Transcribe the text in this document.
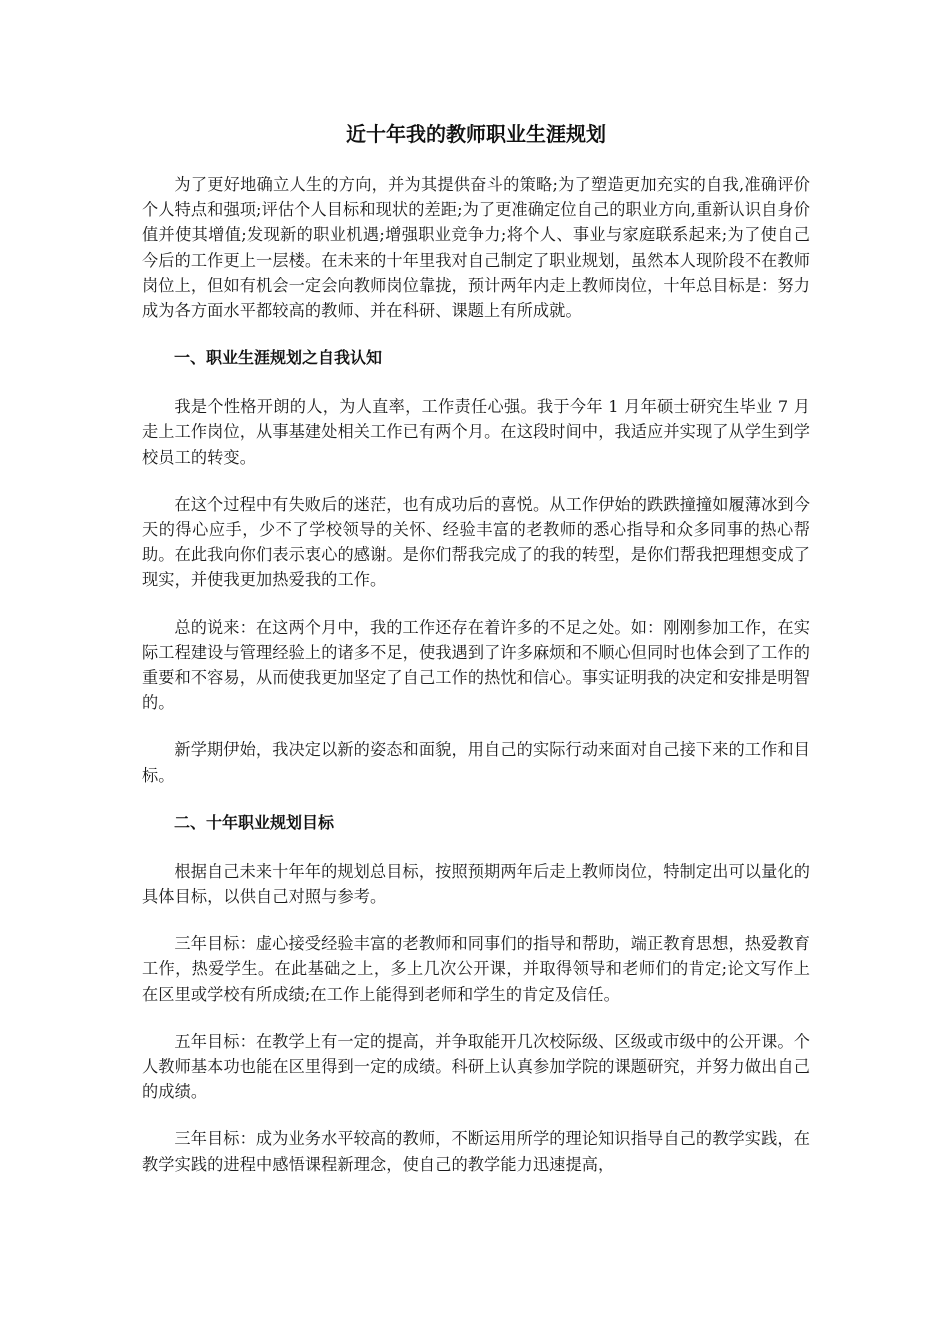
近十年我的教师职业生涯规划

为了更好地确立人生的方向，并为其提供奋斗的策略;为了塑造更加充实的自我,准确评价个人特点和强项;评估个人目标和现状的差距;为了更准确定位自己的职业方向,重新认识自身价值并使其增值;发现新的职业机遇;增强职业竞争力;将个人、事业与家庭联系起来;为了使自己今后的工作更上一层楼。在未来的十年里我对自己制定了职业规划，虽然本人现阶段不在教师岗位上，但如有机会一定会向教师岗位靠拢，预计两年内走上教师岗位，十年总目标是：努力成为各方面水平都较高的教师、并在科研、课题上有所成就。

一、职业生涯规划之自我认知

我是个性格开朗的人，为人直率，工作责任心强。我于今年 1 月年硕士研究生毕业 7 月走上工作岗位，从事基建处相关工作已有两个月。在这段时间中，我适应并实现了从学生到学校员工的转变。

在这个过程中有失败后的迷茫，也有成功后的喜悦。从工作伊始的跌跌撞撞如履薄冰到今天的得心应手，少不了学校领导的关怀、经验丰富的老教师的悉心指导和众多同事的热心帮助。在此我向你们表示衷心的感谢。是你们帮我完成了的我的转型，是你们帮我把理想变成了现实，并使我更加热爱我的工作。

总的说来：在这两个月中，我的工作还存在着许多的不足之处。如：刚刚参加工作，在实际工程建设与管理经验上的诸多不足，使我遇到了许多麻烦和不顺心但同时也体会到了工作的重要和不容易，从而使我更加坚定了自己工作的热忱和信心。事实证明我的决定和安排是明智的。

新学期伊始，我决定以新的姿态和面貌，用自己的实际行动来面对自己接下来的工作和目标。

二、十年职业规划目标

根据自己未来十年年的规划总目标，按照预期两年后走上教师岗位，特制定出可以量化的具体目标，以供自己对照与参考。

三年目标：虚心接受经验丰富的老教师和同事们的指导和帮助，端正教育思想，热爱教育工作，热爱学生。在此基础之上，多上几次公开课，并取得领导和老师们的肯定;论文写作上在区里或学校有所成绩;在工作上能得到老师和学生的肯定及信任。

五年目标：在教学上有一定的提高，并争取能开几次校际级、区级或市级中的公开课。个人教师基本功也能在区里得到一定的成绩。科研上认真参加学院的课题研究，并努力做出自己的成绩。

三年目标：成为业务水平较高的教师，不断运用所学的理论知识指导自己的教学实践，在教学实践的进程中感悟课程新理念，使自己的教学能力迅速提高，
